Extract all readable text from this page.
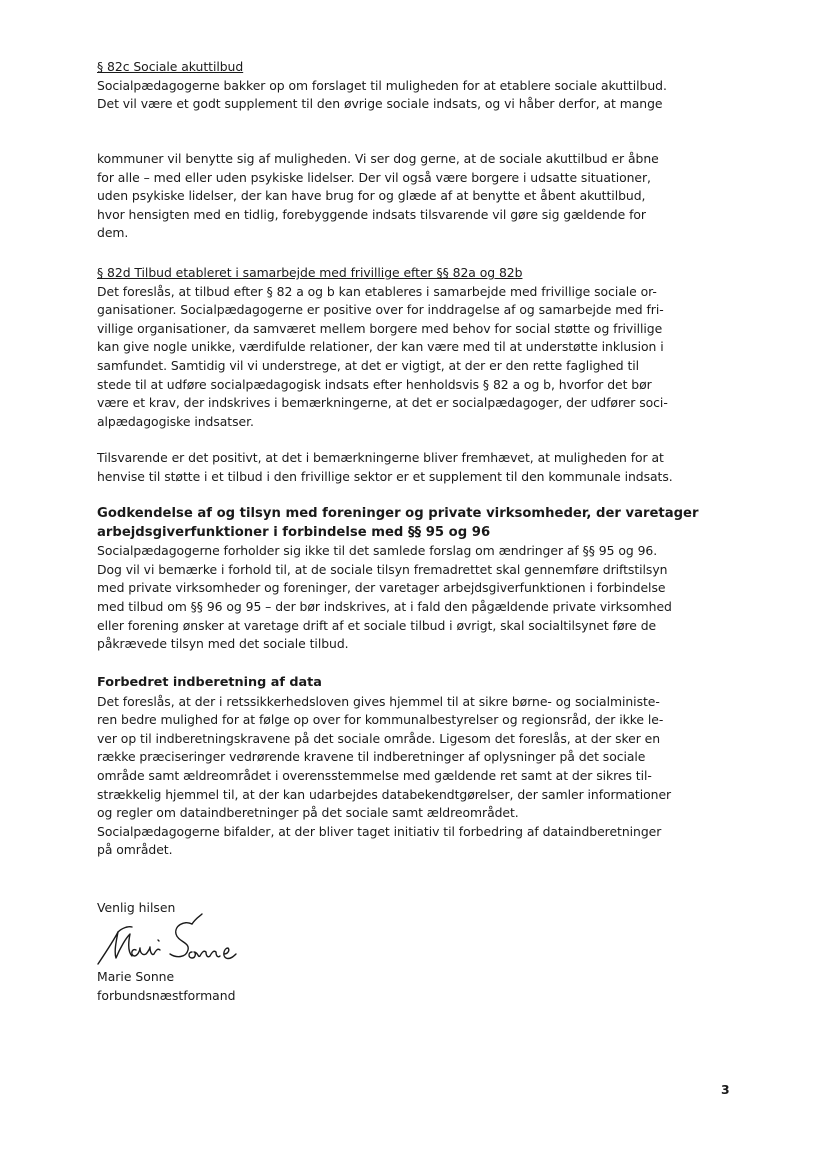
§ 82c Sociale akuttilbud
Socialpædagogerne bakker op om forslaget til muligheden for at etablere sociale akuttilbud.
Det vil være et godt supplement til den øvrige sociale indsats, og vi håber derfor, at mange

kommuner vil benytte sig af muligheden. Vi ser dog gerne, at de sociale akuttilbud er åbne
for alle – med eller uden psykiske lidelser. Der vil også være borgere i udsatte situationer,
uden psykiske lidelser, der kan have brug for og glæde af at benytte et åbent akuttilbud,
hvor hensigten med en tidlig, forebyggende indsats tilsvarende vil gøre sig gældende for
dem.

§ 82d Tilbud etableret i samarbejde med frivillige efter §§ 82a og 82b
Det foreslås, at tilbud efter § 82 a og b kan etableres i samarbejde med frivillige sociale or-
ganisationer. Socialpædagogerne er positive over for inddragelse af og samarbejde med fri-
villige organisationer, da samværet mellem borgere med behov for social støtte og frivillige
kan give nogle unikke, værdifulde relationer, der kan være med til at understøtte inklusion i
samfundet. Samtidig vil vi understrege, at det er vigtigt, at der er den rette faglighed til
stede til at udføre socialpædagogisk indsats efter henholdsvis § 82 a og b, hvorfor det bør
være et krav, der indskrives i bemærkningerne, at det er socialpædagoger, der udfører soci-
alpædagogiske indsatser.

Tilsvarende er det positivt, at det i bemærkningerne bliver fremhævet, at muligheden for at
henvise til støtte i et tilbud i den frivillige sektor er et supplement til den kommunale indsats.

Godkendelse af og tilsyn med foreninger og private virksomheder, der varetager
arbejdsgiverfunktioner i forbindelse med §§ 95 og 96

Socialpædagogerne forholder sig ikke til det samlede forslag om ændringer af §§ 95 og 96.
Dog vil vi bemærke i forhold til, at de sociale tilsyn fremadrettet skal gennemføre driftstilsyn
med private virksomheder og foreninger, der varetager arbejdsgiverfunktionen i forbindelse
med tilbud om §§ 96 og 95 – der bør indskrives, at i fald den pågældende private virksomhed
eller forening ønsker at varetage drift af et sociale tilbud i øvrigt, skal socialtilsynet føre de
påkrævede tilsyn med det sociale tilbud.

Forbedret indberetning af data

Det foreslås, at der i retssikkerhedsloven gives hjemmel til at sikre børne- og socialministe-
ren bedre mulighed for at følge op over for kommunalbestyrelser og regionsråd, der ikke le-
ver op til indberetningskravene på det sociale område. Ligesom det foreslås, at der sker en
række præciseringer vedrørende kravene til indberetninger af oplysninger på det sociale
område samt ældreområdet i overensstemmelse med gældende ret samt at der sikres til-
strækkelig hjemmel til, at der kan udarbejdes databekendtgørelser, der samler informationer
og regler om dataindberetninger på det sociale samt ældreområdet.
Socialpædagogerne bifalder, at der bliver taget initiativ til forbedring af dataindberetninger
på området.

Venlig hilsen
Marie Sonne
forbundsnæstformand
3
